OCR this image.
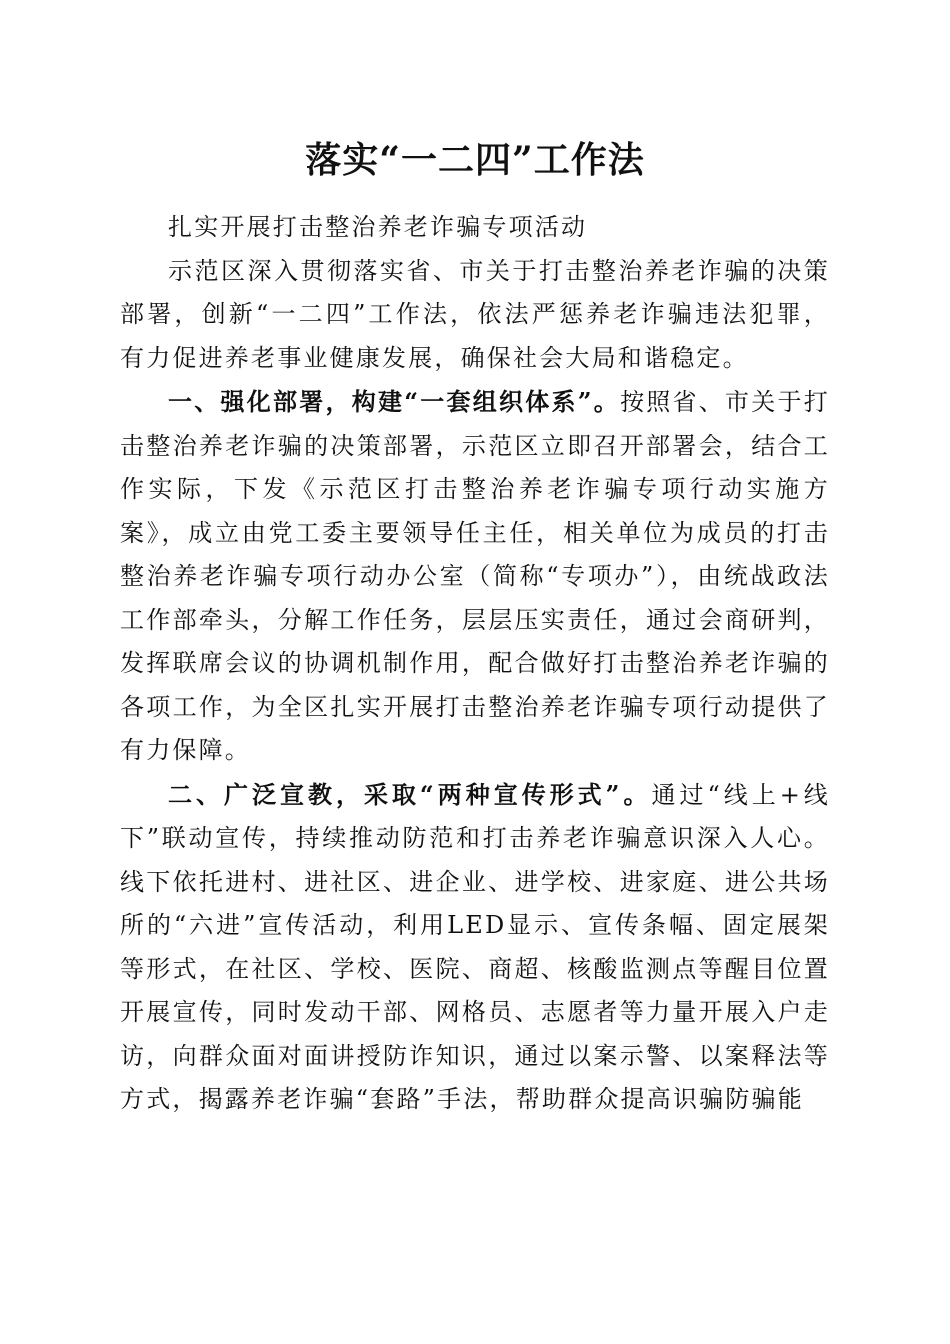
落实“一二四”工作法

扎实开展打击整治养老诈骗专项活动

示范区深入贯彻落实省、市关于打击整治养老诈骗的决策部署，创新“一二四”工作法，依法严惩养老诈骗违法犯罪，有力促进养老事业健康发展，确保社会大局和谐稳定。

一、强化部署，构建“一套组织体系”。按照省、市关于打击整治养老诈骗的决策部署，示范区立即召开部署会，结合工作实际，下发《示范区打击整治养老诈骗专项行动实施方案》，成立由党工委主要领导任主任，相关单位为成员的打击整治养老诈骗专项行动办公室（简称“专项办”），由统战政法工作部牵头，分解工作任务，层层压实责任，通过会商研判，发挥联席会议的协调机制作用，配合做好打击整治养老诈骗的各项工作，为全区扎实开展打击整治养老诈骗专项行动提供了有力保障。

二、广泛宣教，采取“两种宣传形式”。通过“线上+线下”联动宣传，持续推动防范和打击养老诈骗意识深入人心。线下依托进村、进社区、进企业、进学校、进家庭、进公共场所的“六进”宣传活动，利用LED显示、宣传条幅、固定展架等形式，在社区、学校、医院、商超、核酸监测点等醒目位置开展宣传，同时发动干部、网格员、志愿者等力量开展入户走访，向群众面对面讲授防诈知识，通过以案示警、以案释法等方式，揭露养老诈骗“套路”手法，帮助群众提高识骗防骗能
